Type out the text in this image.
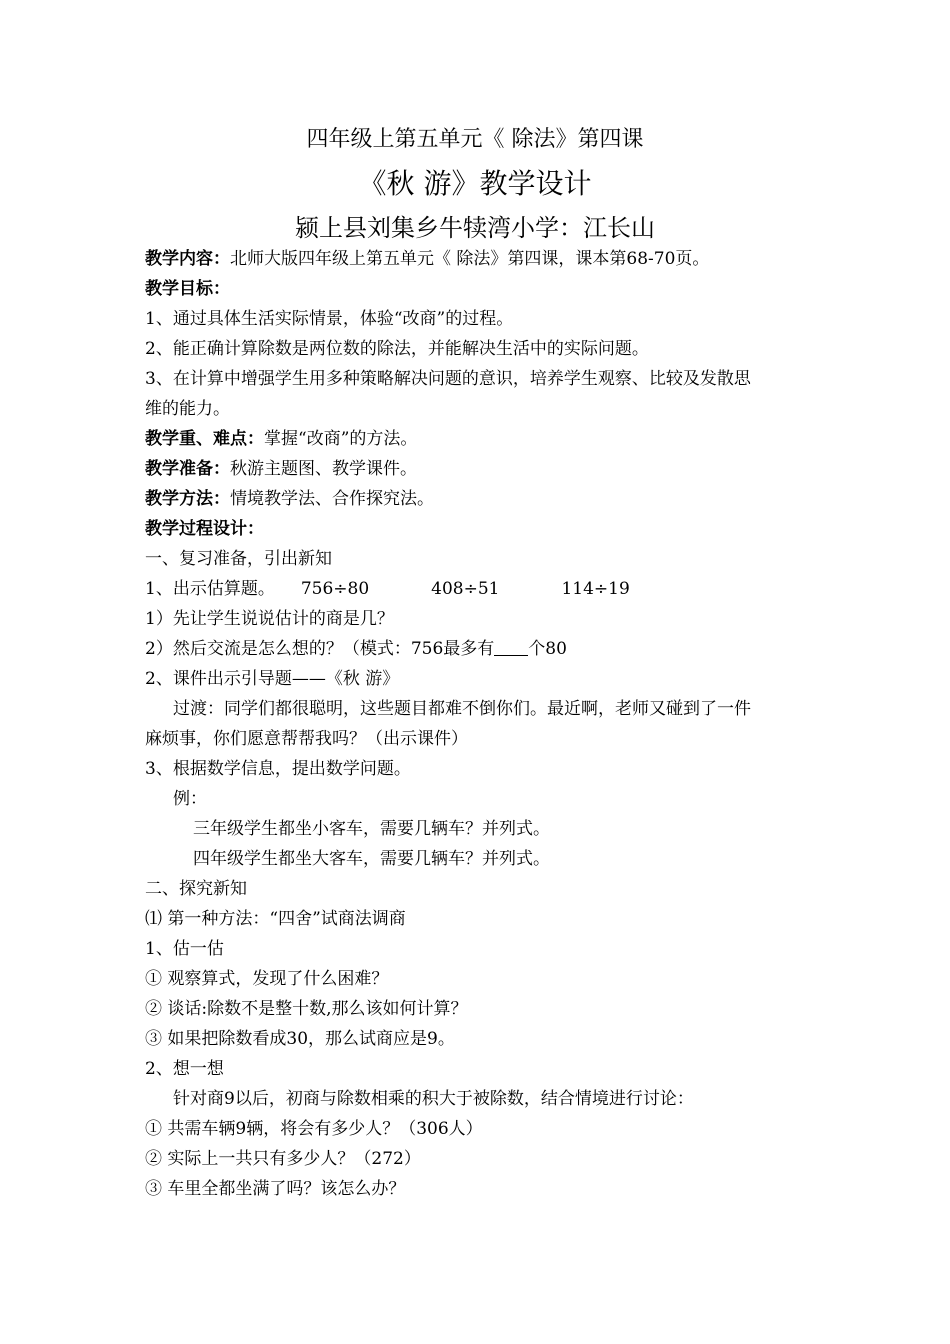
四年级上第五单元《 除法》第四课
《秋 游》教学设计
颍上县刘集乡牛犊湾小学：江长山
教学内容：北师大版四年级上第五单元《 除法》第四课，课本第68-70页。
教学目标：
1、通过具体生活实际情景，体验“改商”的过程。
2、能正确计算除数是两位数的除法，并能解决生活中的实际问题。
3、在计算中增强学生用多种策略解决问题的意识，培养学生观察、比较及发散思
维的能力。
教学重、难点：掌握“改商”的方法。
教学准备：秋游主题图、教学课件。
教学方法：情境教学法、合作探究法。
教学过程设计：
一、复习准备，引出新知
1、出示估算题。 756÷80	408÷51	114÷19
1）先让学生说说估计的商是几？
2）然后交流是怎么想的？（模式：756最多有 个80
2、课件出示引导题——《秋 游》
过渡：同学们都很聪明，这些题目都难不倒你们。最近啊，老师又碰到了一件
麻烦事，你们愿意帮帮我吗？（出示课件）
3、根据数学信息，提出数学问题。
例：
三年级学生都坐小客车，需要几辆车？并列式。
四年级学生都坐大客车，需要几辆车？并列式。
二、探究新知
⑴ 第一种方法：“四舍”试商法调商
1、估一估
① 观察算式，发现了什么困难？
② 谈话:除数不是整十数,那么该如何计算？
③ 如果把除数看成30，那么试商应是9。
2、想一想
针对商9以后，初商与除数相乘的积大于被除数，结合情境进行讨论：
① 共需车辆9辆，将会有多少人？（306人）
② 实际上一共只有多少人？（272）
③ 车里全都坐满了吗？该怎么办？
